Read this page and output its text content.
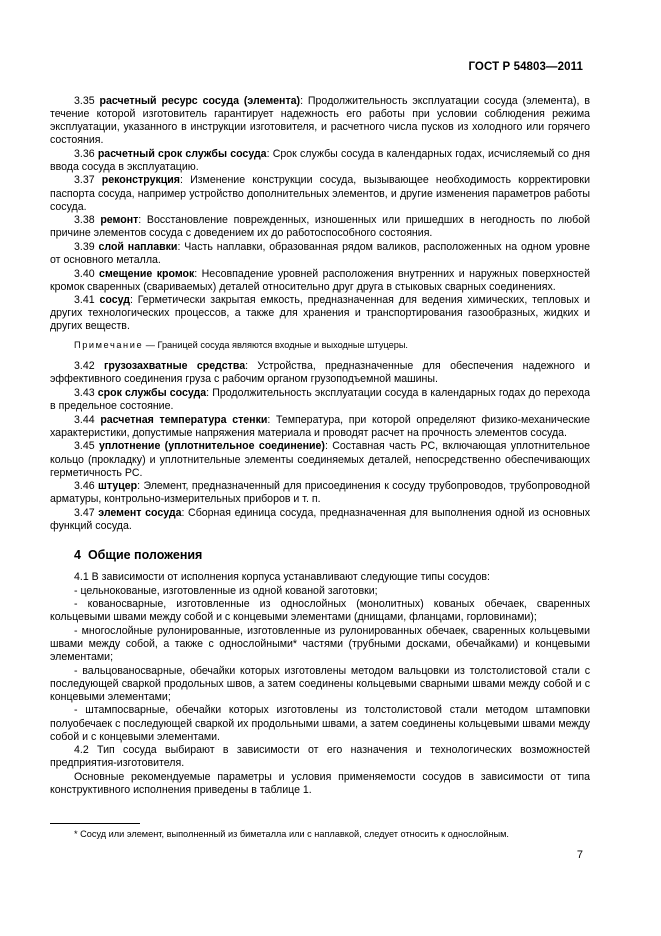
ГОСТ Р 54803—2011
3.35 расчетный ресурс сосуда (элемента): Продолжительность эксплуатации сосуда (элемента), в течение которой изготовитель гарантирует надежность его работы при условии соблюдения режима эксплуатации, указанного в инструкции изготовителя, и расчетного числа пусков из холодного или горячего состояния.
3.36 расчетный срок службы сосуда: Срок службы сосуда в календарных годах, исчисляемый со дня ввода сосуда в эксплуатацию.
3.37 реконструкция: Изменение конструкции сосуда, вызывающее необходимость корректировки паспорта сосуда, например устройство дополнительных элементов, и другие изменения параметров работы сосуда.
3.38 ремонт: Восстановление поврежденных, изношенных или пришедших в негодность по любой причине элементов сосуда с доведением их до работоспособного состояния.
3.39 слой наплавки: Часть наплавки, образованная рядом валиков, расположенных на одном уровне от основного металла.
3.40 смещение кромок: Несовпадение уровней расположения внутренних и наружных поверхностей кромок сваренных (свариваемых) деталей относительно друг друга в стыковых сварных соединениях.
3.41 сосуд: Герметически закрытая емкость, предназначенная для ведения химических, тепловых и других технологических процессов, а также для хранения и транспортирования газообразных, жидких и других веществ.
Примечание — Границей сосуда являются входные и выходные штуцеры.
3.42 грузозахватные средства: Устройства, предназначенные для обеспечения надежного и эффективного соединения груза с рабочим органом грузоподъемной машины.
3.43 срок службы сосуда: Продолжительность эксплуатации сосуда в календарных годах до перехода в предельное состояние.
3.44 расчетная температура стенки: Температура, при которой определяют физико-механические характеристики, допустимые напряжения материала и проводят расчет на прочность элементов сосуда.
3.45 уплотнение (уплотнительное соединение): Составная часть РС, включающая уплотнительное кольцо (прокладку) и уплотнительные элементы соединяемых деталей, непосредственно обеспечивающих герметичность РС.
3.46 штуцер: Элемент, предназначенный для присоединения к сосуду трубопроводов, трубопроводной арматуры, контрольно-измерительных приборов и т. п.
3.47 элемент сосуда: Сборная единица сосуда, предназначенная для выполнения одной из основных функций сосуда.
4 Общие положения
4.1 В зависимости от исполнения корпуса устанавливают следующие типы сосудов:
- цельнокованые, изготовленные из одной кованой заготовки;
- кованосварные, изготовленные из однослойных (монолитных) кованых обечаек, сваренных кольцевыми швами между собой и с концевыми элементами (днищами, фланцами, горловинами);
- многослойные рулонированные, изготовленные из рулонированных обечаек, сваренных кольцевыми швами между собой, а также с однослойными* частями (трубными досками, обечайками) и концевыми элементами;
- вальцованосварные, обечайки которых изготовлены методом вальцовки из толстолистовой стали с последующей сваркой продольных швов, а затем соединены кольцевыми сварными швами между собой и с концевыми элементами;
- штампосварные, обечайки которых изготовлены из толстолистовой стали методом штамповки полуобечаек с последующей сваркой их продольными швами, а затем соединены кольцевыми швами между собой и с концевыми элементами.
4.2 Тип сосуда выбирают в зависимости от его назначения и технологических возможностей предприятия-изготовителя.
Основные рекомендуемые параметры и условия применяемости сосудов в зависимости от типа конструктивного исполнения приведены в таблице 1.
* Сосуд или элемент, выполненный из биметалла или с наплавкой, следует относить к однослойным.
7
